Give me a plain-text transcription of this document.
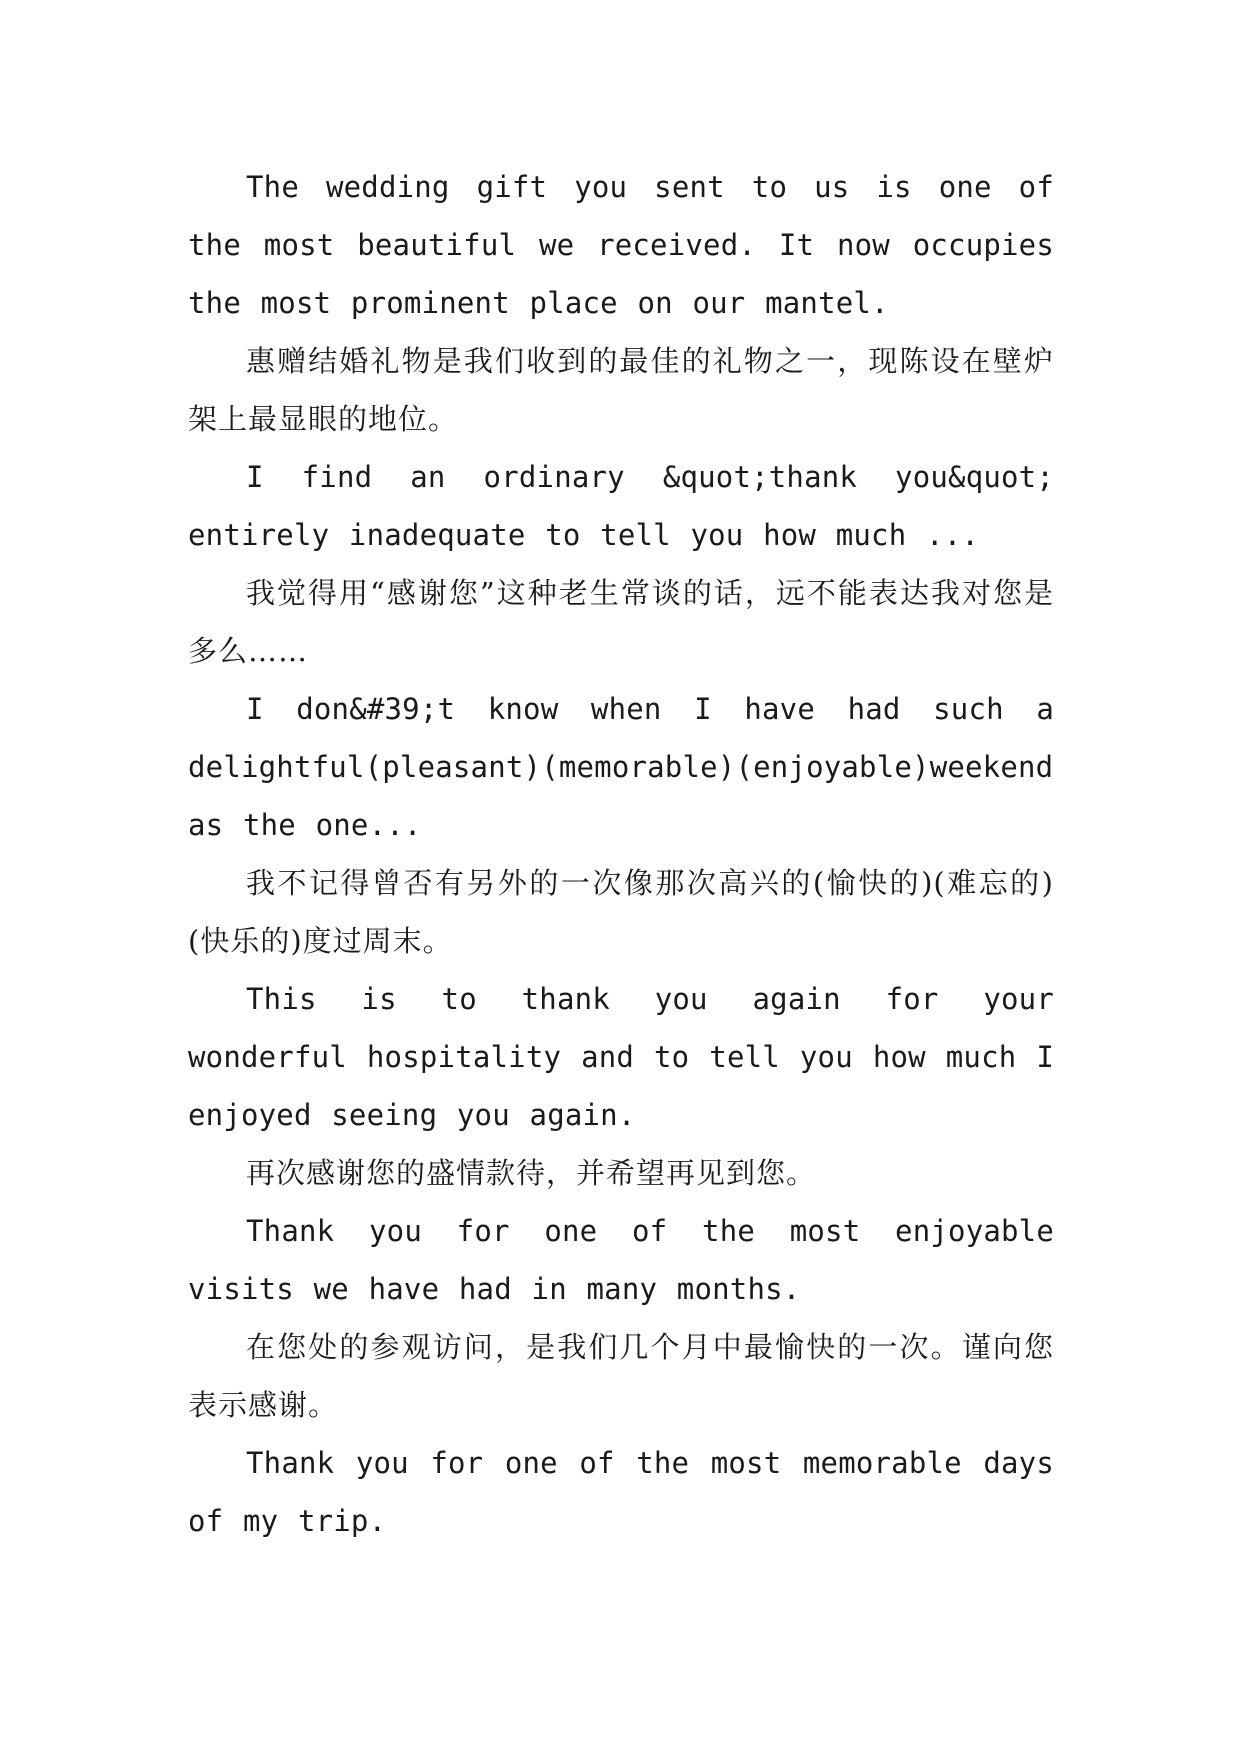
The wedding gift you sent to us is one of the most beautiful we received. It now occupies the most prominent place on our mantel.

惠赠结婚礼物是我们收到的最佳的礼物之一，现陈设在壁炉架上最显眼的地位。

I find an ordinary &quot;thank you&quot; entirely inadequate to tell you how much ...

我觉得用“感谢您”这种老生常谈的话，远不能表达我对您是多么……

I don&#39;t know when I have had such a delightful(pleasant)(memorable)(enjoyable)weekend as the one...

我不记得曾否有另外的一次像那次高兴的(愉快的)(难忘的)(快乐的)度过周末。

This is to thank you again for your wonderful hospitality and to tell you how much I enjoyed seeing you again.

再次感谢您的盛情款待，并希望再见到您。

Thank you for one of the most enjoyable visits we have had in many months.

在您处的参观访问，是我们几个月中最愉快的一次。谨向您表示感谢。

Thank you for one of the most memorable days of my trip.
